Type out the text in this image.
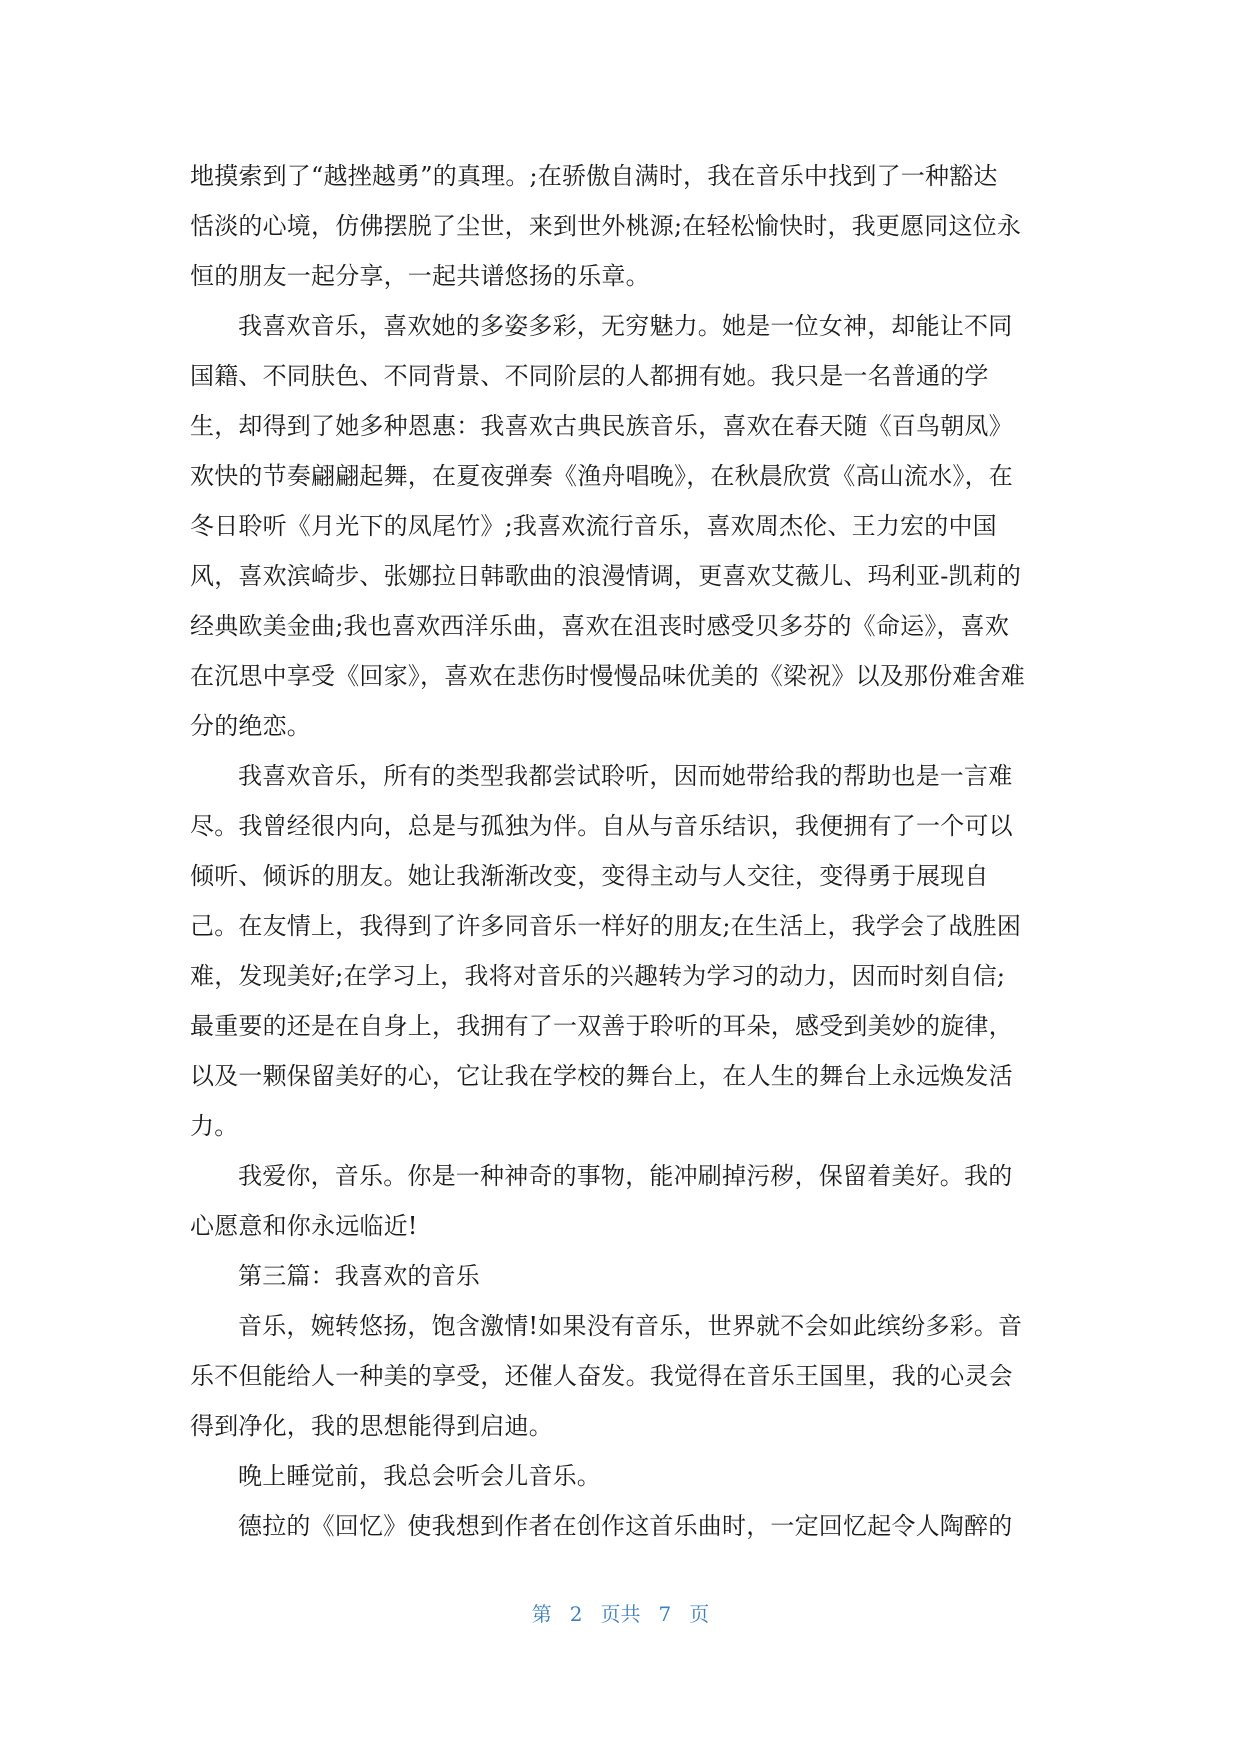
地摸索到了“越挫越勇”的真理。;在骄傲自满时，我在音乐中找到了一种豁达
恬淡的心境，仿佛摆脱了尘世，来到世外桃源;在轻松愉快时，我更愿同这位永
恒的朋友一起分享，一起共谱悠扬的乐章。
我喜欢音乐，喜欢她的多姿多彩，无穷魅力。她是一位女神，却能让不同
国籍、不同肤色、不同背景、不同阶层的人都拥有她。我只是一名普通的学
生，却得到了她多种恩惠：我喜欢古典民族音乐，喜欢在春天随《百鸟朝凤》
欢快的节奏翩翩起舞，在夏夜弹奏《渔舟唱晚》，在秋晨欣赏《高山流水》，在
冬日聆听《月光下的凤尾竹》;我喜欢流行音乐，喜欢周杰伦、王力宏的中国
风，喜欢滨崎步、张娜拉日韩歌曲的浪漫情调，更喜欢艾薇儿、玛利亚-凯莉的
经典欧美金曲;我也喜欢西洋乐曲，喜欢在沮丧时感受贝多芬的《命运》，喜欢
在沉思中享受《回家》，喜欢在悲伤时慢慢品味优美的《梁祝》以及那份难舍难
分的绝恋。
我喜欢音乐，所有的类型我都尝试聆听，因而她带给我的帮助也是一言难
尽。我曾经很内向，总是与孤独为伴。自从与音乐结识，我便拥有了一个可以
倾听、倾诉的朋友。她让我渐渐改变，变得主动与人交往，变得勇于展现自
己。在友情上，我得到了许多同音乐一样好的朋友;在生活上，我学会了战胜困
难，发现美好;在学习上，我将对音乐的兴趣转为学习的动力，因而时刻自信;
最重要的还是在自身上，我拥有了一双善于聆听的耳朵，感受到美妙的旋律，
以及一颗保留美好的心，它让我在学校的舞台上，在人生的舞台上永远焕发活
力。
我爱你，音乐。你是一种神奇的事物，能冲刷掉污秽，保留着美好。我的
心愿意和你永远临近!
第三篇：我喜欢的音乐
音乐，婉转悠扬，饱含激情!如果没有音乐，世界就不会如此缤纷多彩。音
乐不但能给人一种美的享受，还催人奋发。我觉得在音乐王国里，我的心灵会
得到净化，我的思想能得到启迪。
晚上睡觉前，我总会听会儿音乐。
德拉的《回忆》使我想到作者在创作这首乐曲时，一定回忆起令人陶醉的
第 2 页共 7 页
